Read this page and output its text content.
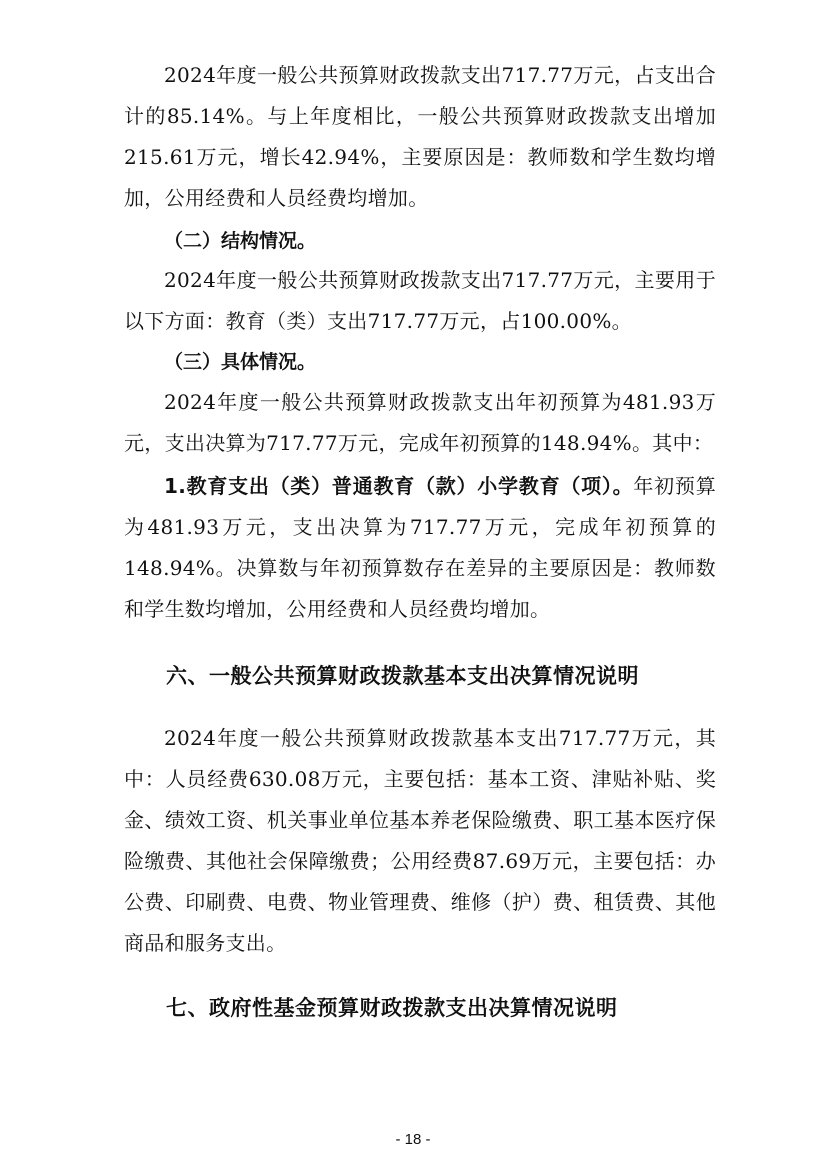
2024年度一般公共预算财政拨款支出717.77万元，占支出合计的85.14%。与上年度相比，一般公共预算财政拨款支出增加215.61万元，增长42.94%，主要原因是：教师数和学生数均增加，公用经费和人员经费均增加。

（二）结构情况。

2024年度一般公共预算财政拨款支出717.77万元，主要用于以下方面：教育（类）支出717.77万元，占100.00%。

（三）具体情况。

2024年度一般公共预算财政拨款支出年初预算为481.93万元，支出决算为717.77万元，完成年初预算的148.94%。其中：

1.教育支出（类）普通教育（款）小学教育（项）。年初预算为481.93万元，支出决算为717.77万元，完成年初预算的148.94%。决算数与年初预算数存在差异的主要原因是：教师数和学生数均增加，公用经费和人员经费均增加。

六、一般公共预算财政拨款基本支出决算情况说明

2024年度一般公共预算财政拨款基本支出717.77万元，其中：人员经费630.08万元，主要包括：基本工资、津贴补贴、奖金、绩效工资、机关事业单位基本养老保险缴费、职工基本医疗保险缴费、其他社会保障缴费；公用经费87.69万元，主要包括：办公费、印刷费、电费、物业管理费、维修（护）费、租赁费、其他商品和服务支出。

七、政府性基金预算财政拨款支出决算情况说明
- 18 -
